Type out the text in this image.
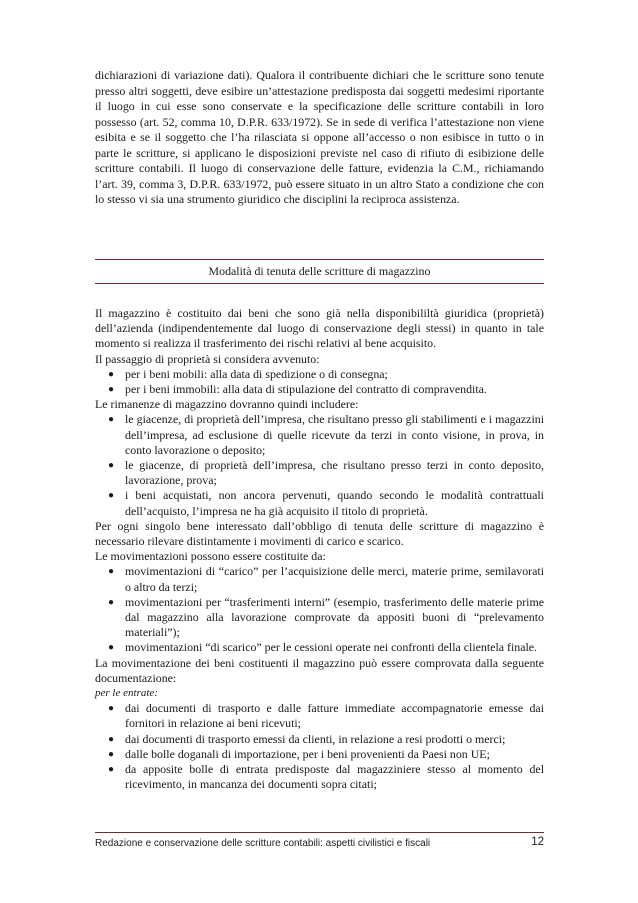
dichiarazioni di variazione dati). Qualora il contribuente dichiari che le scritture sono tenute presso altri soggetti, deve esibire un’attestazione predisposta dai soggetti medesimi riportante il luogo in cui esse sono conservate e la specificazione delle scritture contabili in loro possesso (art. 52, comma 10, D.P.R. 633/1972). Se in sede di verifica l’attestazione non viene esibita e se il soggetto che l’ha rilasciata si oppone all’accesso o non esibisce in tutto o in parte le scritture, si applicano le disposizioni previste nel caso di rifiuto di esibizione delle scritture contabili. Il luogo di conservazione delle fatture, evidenzia la C.M., richiamando l’art. 39, comma 3, D.P.R. 633/1972, può essere situato in un altro Stato a condizione che con lo stesso vi sia una strumento giuridico che disciplini la reciproca assistenza.

Modalità di tenuta delle scritture di magazzino

Il magazzino è costituito dai beni che sono già nella disponibililtà giuridica (proprietà) dell’azienda (indipendentemente dal luogo di conservazione degli stessi) in quanto in tale momento si realizza il trasferimento dei rischi relativi al bene acquisito.

Il passaggio di proprietà si considera avvenuto:

● per i beni mobili: alla data di spedizione o di consegna;
● per i beni immobili: alla data di stipulazione del contratto di compravendita.

Le rimanenze di magazzino dovranno quindi includere:

● le giacenze, di proprietà dell’impresa, che risultano presso gli stabilimenti e i magazzini dell’impresa, ad esclusione di quelle ricevute da terzi in conto visione, in prova, in conto lavorazione o deposito;
● le giacenze, di proprietà dell’impresa, che risultano presso terzi in conto deposito, lavorazione, prova;
● i beni acquistati, non ancora pervenuti, quando secondo le modalità contrattuali dell’acquisto, l’impresa ne ha già acquisito il titolo di proprietà.

Per ogni singolo bene interessato dall’obbligo di tenuta delle scritture di magazzino è necessario rilevare distintamente i movimenti di carico e scarico.

Le movimentazioni possono essere costituite da:

● movimentazioni di “carico” per l’acquisizione delle merci, materie prime, semilavorati o altro da terzi;
● movimentazioni per “trasferimenti interni” (esempio, trasferimento delle materie prime dal magazzino alla lavorazione comprovate da appositi buoni di “prelevamento materiali”);
● movimentazioni “di scarico” per le cessioni operate nei confronti della clientela finale.

La movimentazione dei beni costituenti il magazzino può essere comprovata dalla seguente documentazione:

per le entrate:

● dai documenti di trasporto e dalle fatture immediate accompagnatorie emesse dai fornitori in relazione ai beni ricevuti;
● dai documenti di trasporto emessi da clienti, in relazione a resi prodotti o merci;
● dalle bolle doganali di importazione, per i beni provenienti da Paesi non UE;
● da apposite bolle di entrata predisposte dal magazziniere stesso al momento del ricevimento, in mancanza dei documenti sopra citati;
Redazione e conservazione delle scritture contabili: aspetti civilistici e fiscali	12
